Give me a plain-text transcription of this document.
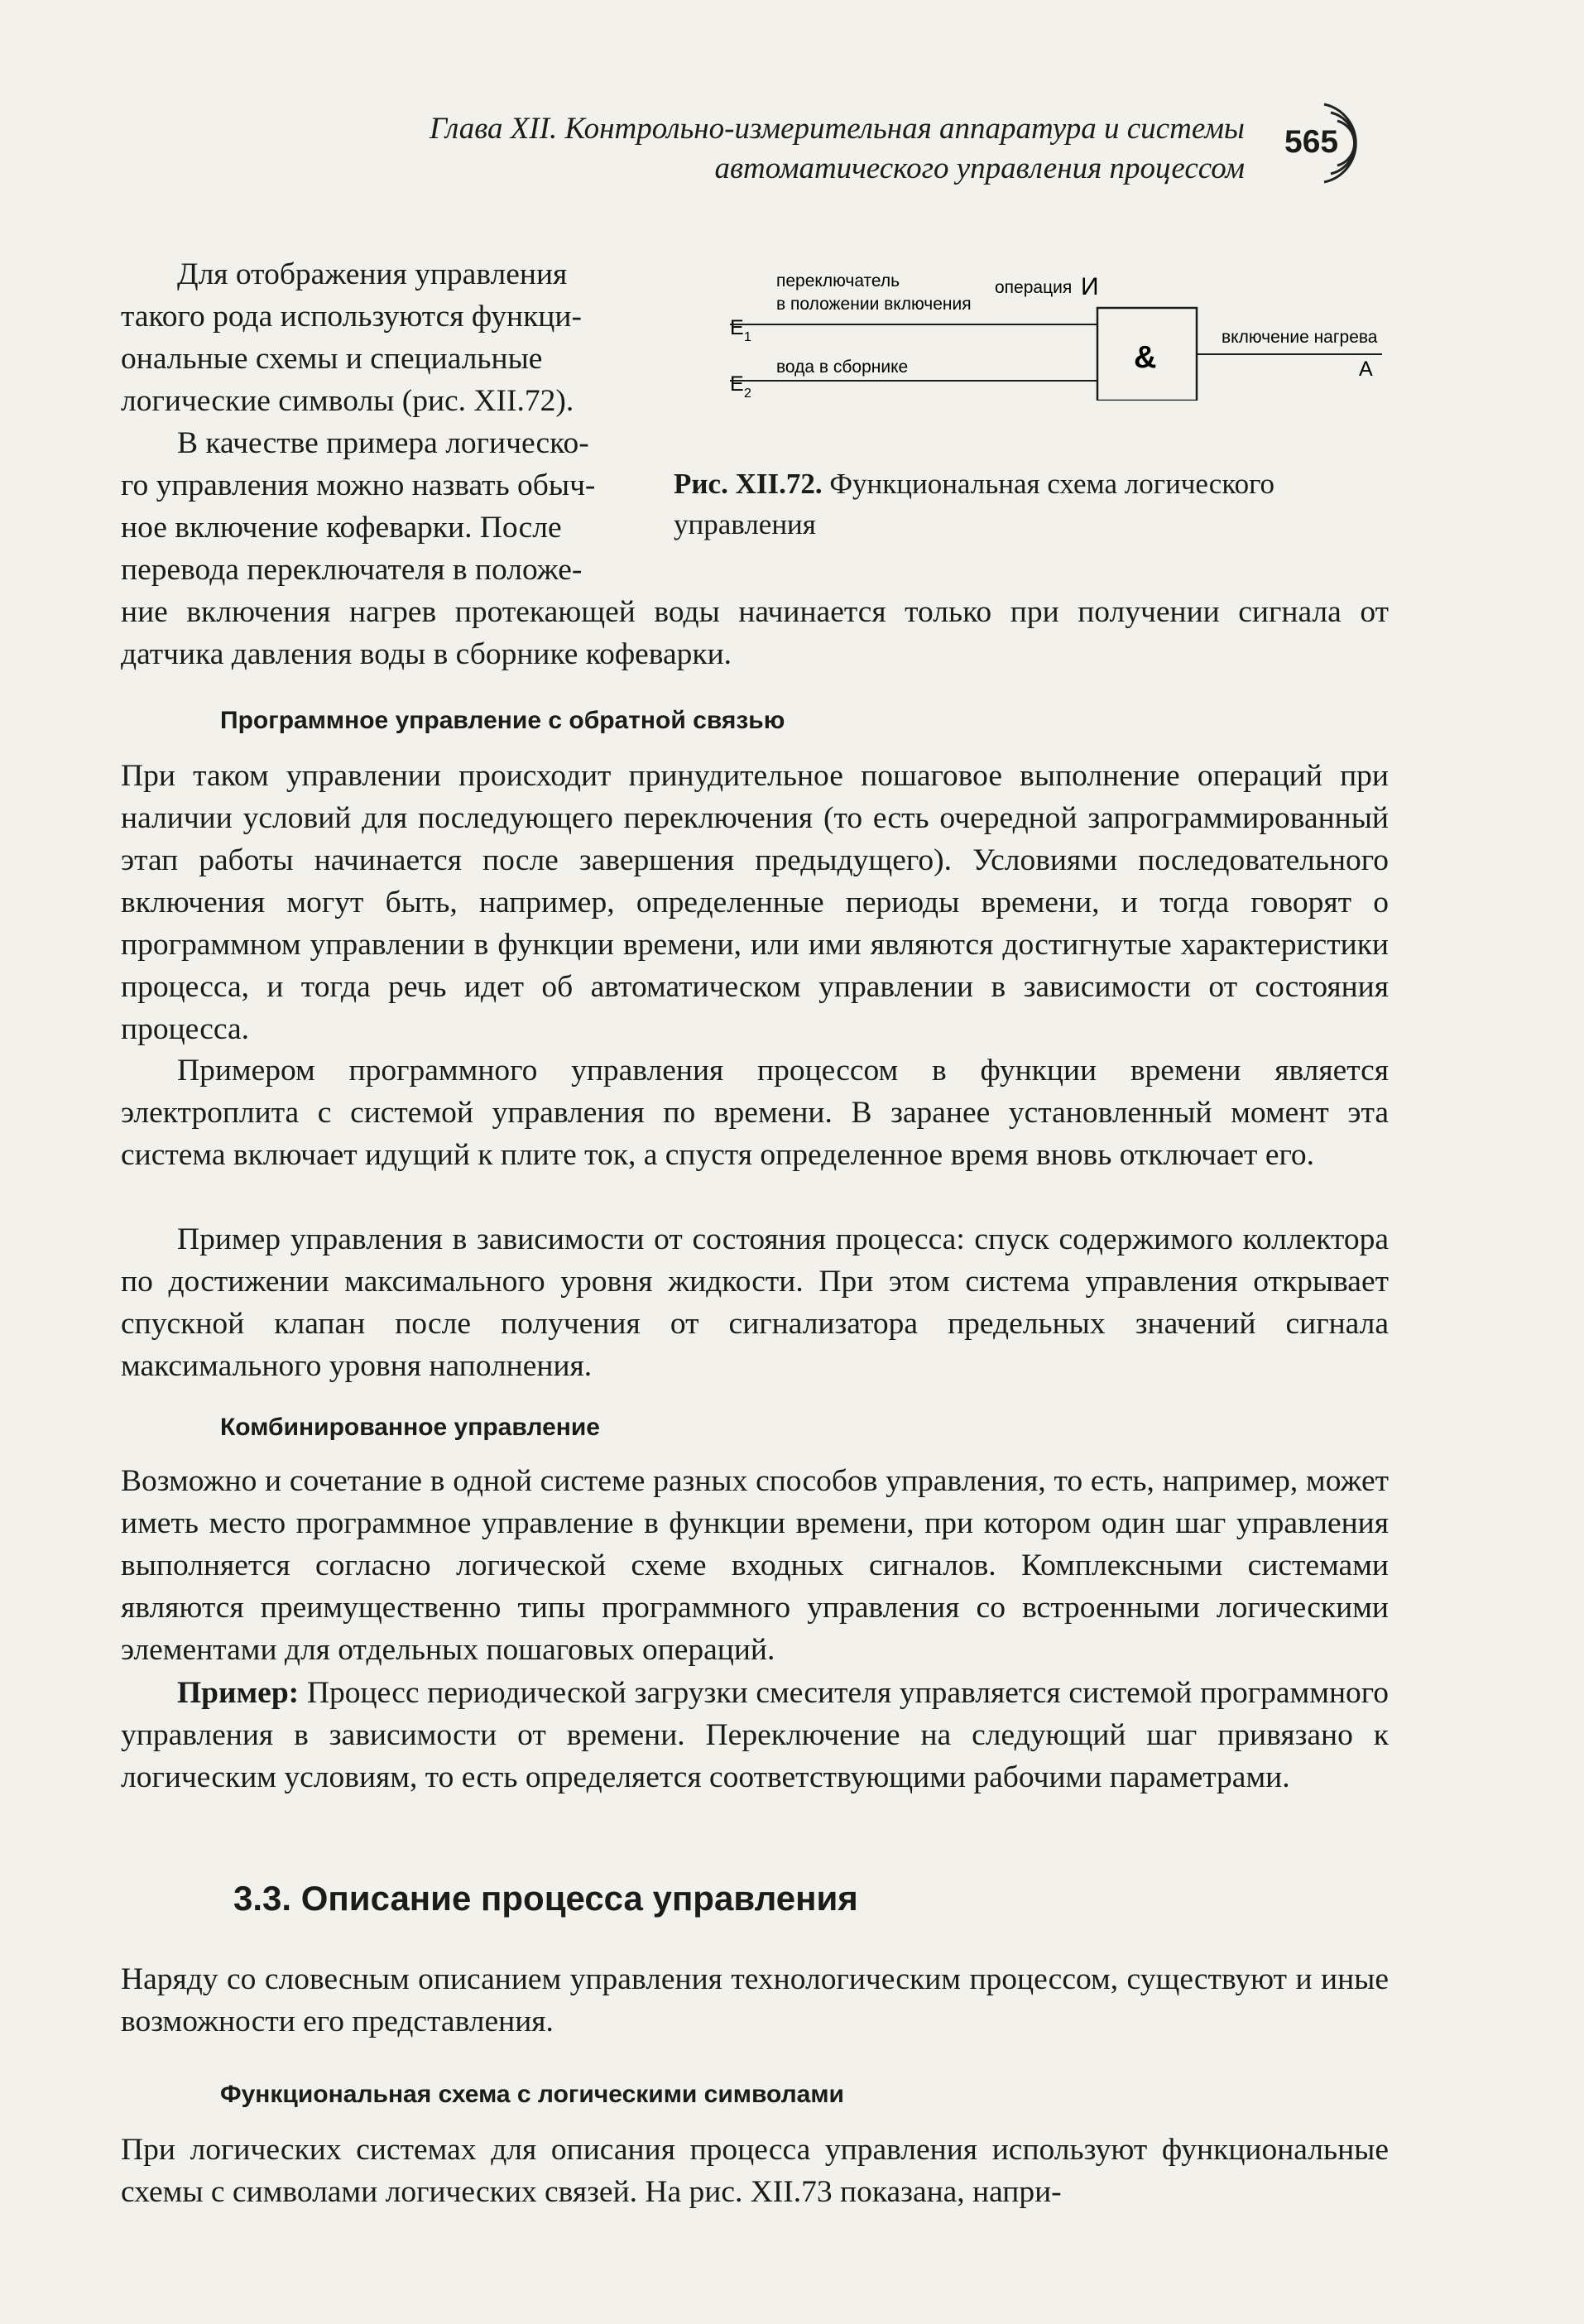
Глава XII. Контрольно-измерительная аппаратура и системы
автоматического управления процессом
565
Для отображения управления
такого рода используются функци-
ональные схемы и специальные
логические символы (рис. XII.72).
В качестве примера логическо-
го управления можно назвать обыч-
ное включение кофеварки. После
перевода переключателя в положе-
ние включения нагрев протекающей воды начинается только при получении сигнала от датчика давления воды в сборнике кофеварки.
переключатель
в положении включения
E 1
вода в сборнике
E 2
операция И
&
включение нагрева
A
Рис. XII.72. Функциональная схема логического управления
Программное управление с обратной связью
При таком управлении происходит принудительное пошаговое выполнение операций при наличии условий для последующего переключения (то есть очередной запрограммированный этап работы начинается после завершения предыдущего). Условиями последовательного включения могут быть, например, определенные периоды времени, и тогда говорят о программном управлении в функции времени, или ими являются достигнутые характеристики процесса, и тогда речь идет об автоматическом управлении в зависимости от состояния процесса.
Примером программного управления процессом в функции времени является электроплита с системой управления по времени. В заранее установленный момент эта система включает идущий к плите ток, а спустя определенное время вновь отключает его.
Пример управления в зависимости от состояния процесса: спуск содержимого коллектора по достижении максимального уровня жидкости. При этом система управления открывает спускной клапан после получения от сигнализатора предельных значений сигнала максимального уровня наполнения.
Комбинированное управление
Возможно и сочетание в одной системе разных способов управления, то есть, например, может иметь место программное управление в функции времени, при котором один шаг управления выполняется согласно логической схеме входных сигналов. Комплексными системами являются преимущественно типы программного управления со встроенными логическими элементами для отдельных пошаговых операций.
Пример: Процесс периодической загрузки смесителя управляется системой программного управления в зависимости от времени. Переключение на следующий шаг привязано к логическим условиям, то есть определяется соответствующими рабочими параметрами.
3.3. Описание процесса управления
Наряду со словесным описанием управления технологическим процессом, существуют и иные возможности его представления.
Функциональная схема с логическими символами
При логических системах для описания процесса управления используют функциональные схемы с символами логических связей. На рис. XII.73 показана, напри-
